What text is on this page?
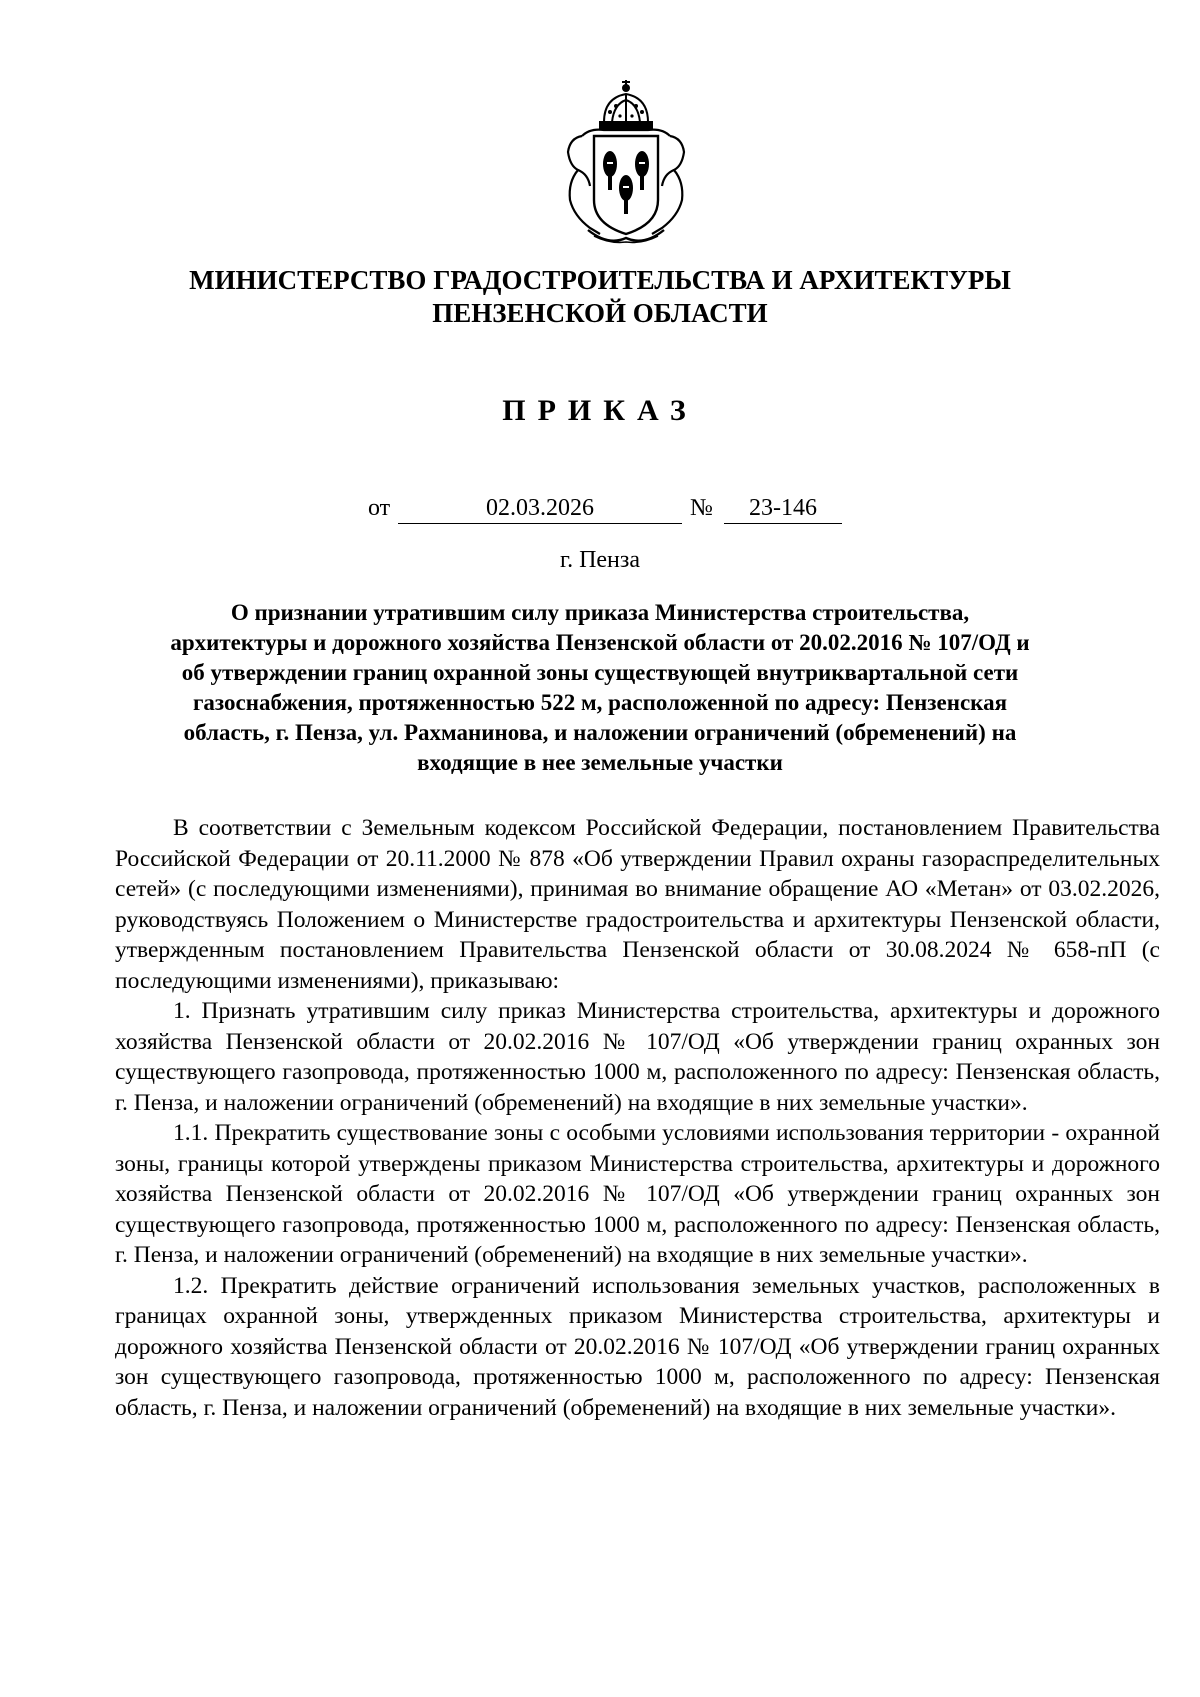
МИНИСТЕРСТВО ГРАДОСТРОИТЕЛЬСТВА И АРХИТЕКТУРЫ
ПЕНЗЕНСКОЙ ОБЛАСТИ
ПРИКАЗ
от	02.03.2026	№	23-146
г. Пенза
О признании утратившим силу приказа Министерства строительства,
архитектуры и дорожного хозяйства Пензенской области от 20.02.2016 № 107/ОД и
об утверждении границ охранной зоны существующей внутриквартальной сети
газоснабжения, протяженностью 522 м, расположенной по адресу: Пензенская
область, г. Пенза, ул. Рахманинова, и наложении ограничений (обременений) на
входящие в нее земельные участки

В соответствии с Земельным кодексом Российской Федерации, постановлением Правительства Российской Федерации от 20.11.2000 № 878 «Об утверждении Правил охраны газораспределительных сетей» (с последующими изменениями), принимая во внимание обращение АО «Метан» от 03.02.2026, руководствуясь Положением о Министерстве градостроительства и архитектуры Пензенской области, утвержденным постановлением Правительства Пензенской области от 30.08.2024 № 658-пП (с последующими изменениями), приказываю:

1. Признать утратившим силу приказ Министерства строительства, архитектуры и дорожного хозяйства Пензенской области от 20.02.2016 № 107/ОД «Об утверждении границ охранных зон существующего газопровода, протяженностью 1000 м, расположенного по адресу: Пензенская область, г. Пенза, и наложении ограничений (обременений) на входящие в них земельные участки».

1.1. Прекратить существование зоны с особыми условиями использования территории - охранной зоны, границы которой утверждены приказом Министерства строительства, архитектуры и дорожного хозяйства Пензенской области от 20.02.2016 № 107/ОД «Об утверждении границ охранных зон существующего газопровода, протяженностью 1000 м, расположенного по адресу: Пензенская область, г. Пенза, и наложении ограничений (обременений) на входящие в них земельные участки».

1.2. Прекратить действие ограничений использования земельных участков, расположенных в границах охранной зоны, утвержденных приказом Министерства строительства, архитектуры и дорожного хозяйства Пензенской области от 20.02.2016 № 107/ОД «Об утверждении границ охранных зон существующего газопровода, протяженностью 1000 м, расположенного по адресу: Пензенская область, г. Пенза, и наложении ограничений (обременений) на входящие в них земельные участки».
